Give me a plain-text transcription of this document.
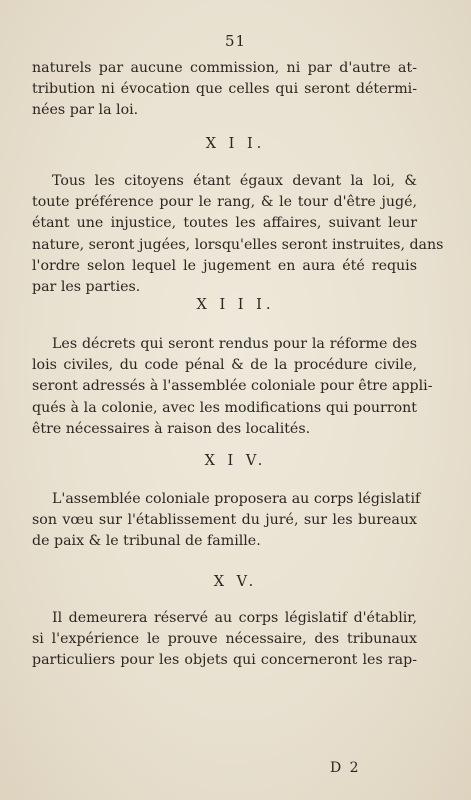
51

naturels par aucune commission, ni par d'autre at-
tribution ni évocation que celles qui seront détermi-
nées par la loi.

X I I.

Tous les citoyens étant égaux devant la loi, &
toute préférence pour le rang, & le tour d'être jugé,
étant une injustice, toutes les affaires, suivant leur
nature, seront jugées, lorsqu'elles seront instruites, dans
l'ordre selon lequel le jugement en aura été requis
par les parties.

X I I I.

Les décrets qui seront rendus pour la réforme des
lois civiles, du code pénal & de la procédure civile,
seront adressés à l'assemblée coloniale pour être appli-
qués à la colonie, avec les modifications qui pourront
être nécessaires à raison des localités.

X I V.

L'assemblée coloniale proposera au corps législatif
son vœu sur l'établissement du juré, sur les bureaux
de paix & le tribunal de famille.

X V.

Il demeurera réservé au corps législatif d'établir,
si l'expérience le prouve nécessaire, des tribunaux
particuliers pour les objets qui concerneront les rap-

D 2
